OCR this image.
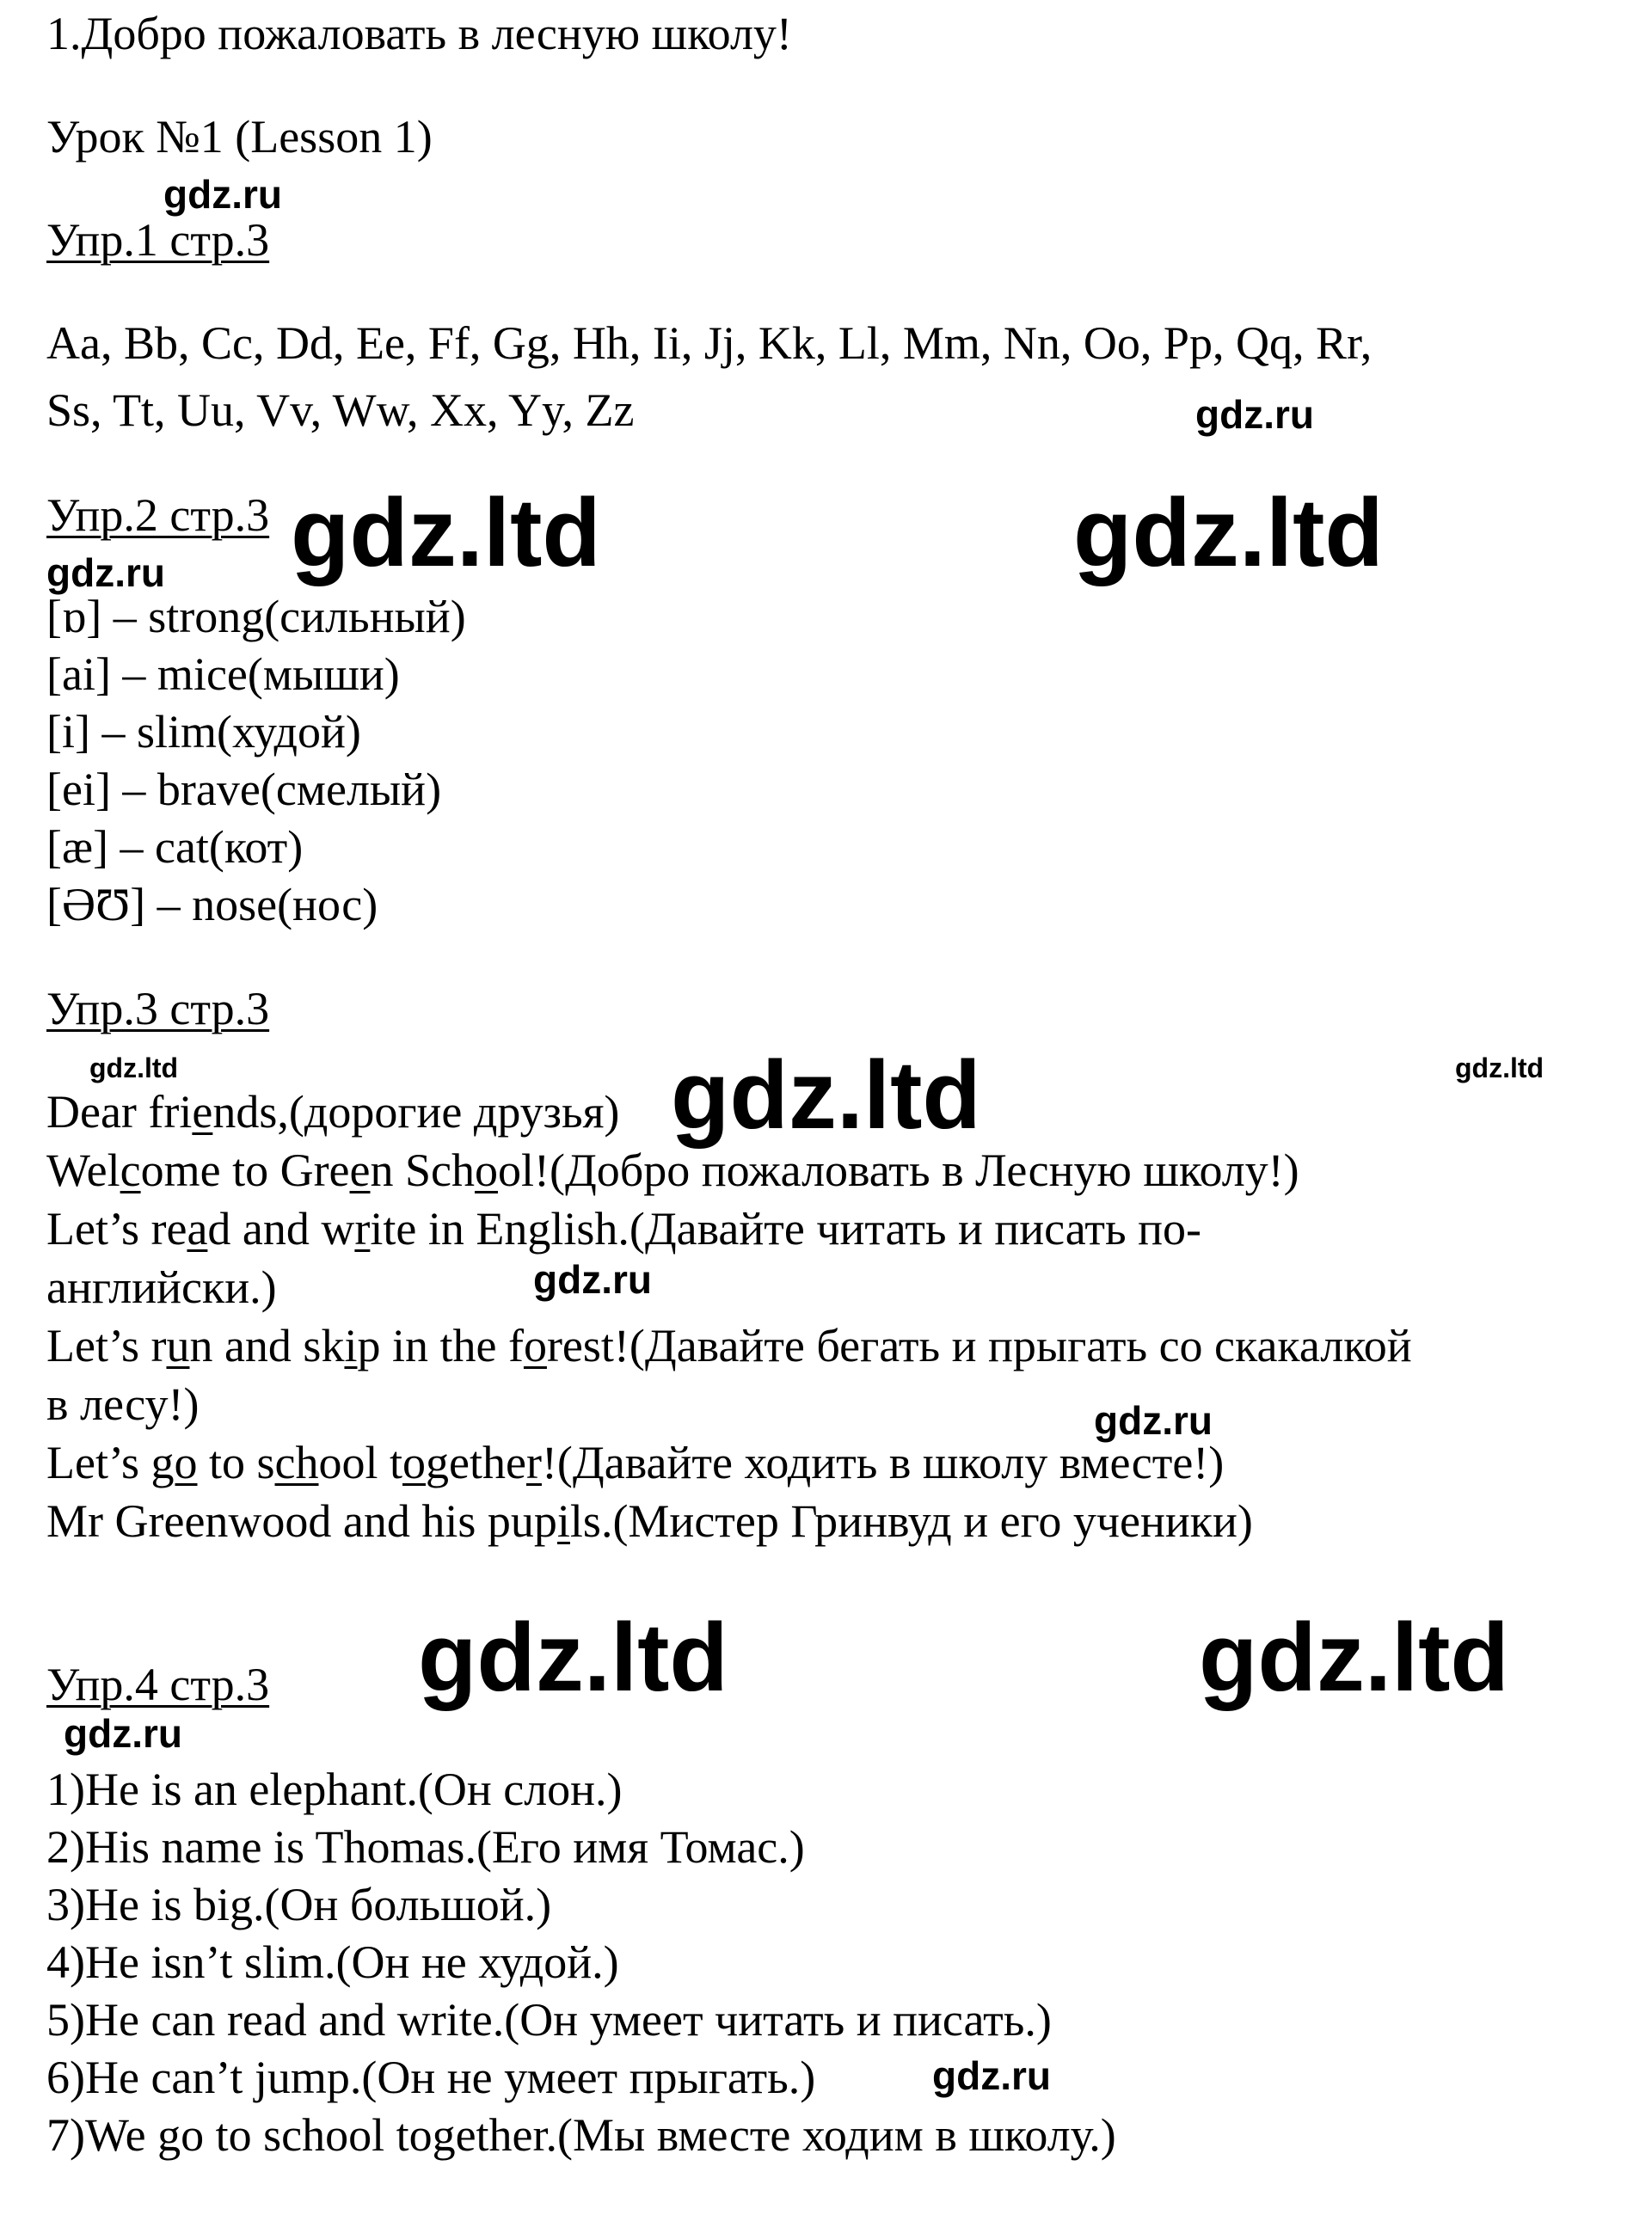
1.Добро пожаловать в лесную школу!
Урок №1 (Lesson 1)
Упр.1 стр.3
Aa, Bb, Cc, Dd, Ee, Ff, Gg, Hh, Ii, Jj, Kk, Ll, Mm, Nn, Oo, Pp, Qq, Rr,
Ss, Tt, Uu, Vv, Ww, Xx, Yy, Zz
Упр.2 стр.3
[ɒ] – strong(сильный)
[ai] – mice(мыши)
[i] – slim(худой)
[ei] – brave(смелый)
[æ] – cat(кот)
[ƏƱ] – nose(нос)
Упр.3 стр.3
Dear friends,(дорогие друзья)
Welcome to Green School!(Добро пожаловать в Лесную школу!)
Let’s read and write in English.(Давайте читать и писать по-
английски.)
Let’s run and skip in the forest!(Давайте бегать и прыгать со скакалкой
в лесу!)
Let’s go to school together!(Давайте ходить в школу вместе!)
Mr Greenwood and his pupils.(Мистер Гринвуд и его ученики)
Упр.4 стр.3
1)He is an elephant.(Он слон.)
2)His name is Thomas.(Его имя Томас.)
3)He is big.(Он большой.)
4)He isn’t slim.(Он не худой.)
5)He can read and write.(Он умеет читать и писать.)
6)He can’t jump.(Он не умеет прыгать.)
7)We go to school together.(Мы вместе ходим в школу.)
gdz.ru
gdz.ru
gdz.ltd	gdz.ltd
gdz.ru
gdz.ltd	gdz.ltd	gdz.ltd
gdz.ru
gdz.ru
gdz.ltd	gdz.ltd
gdz.ru
gdz.ru
